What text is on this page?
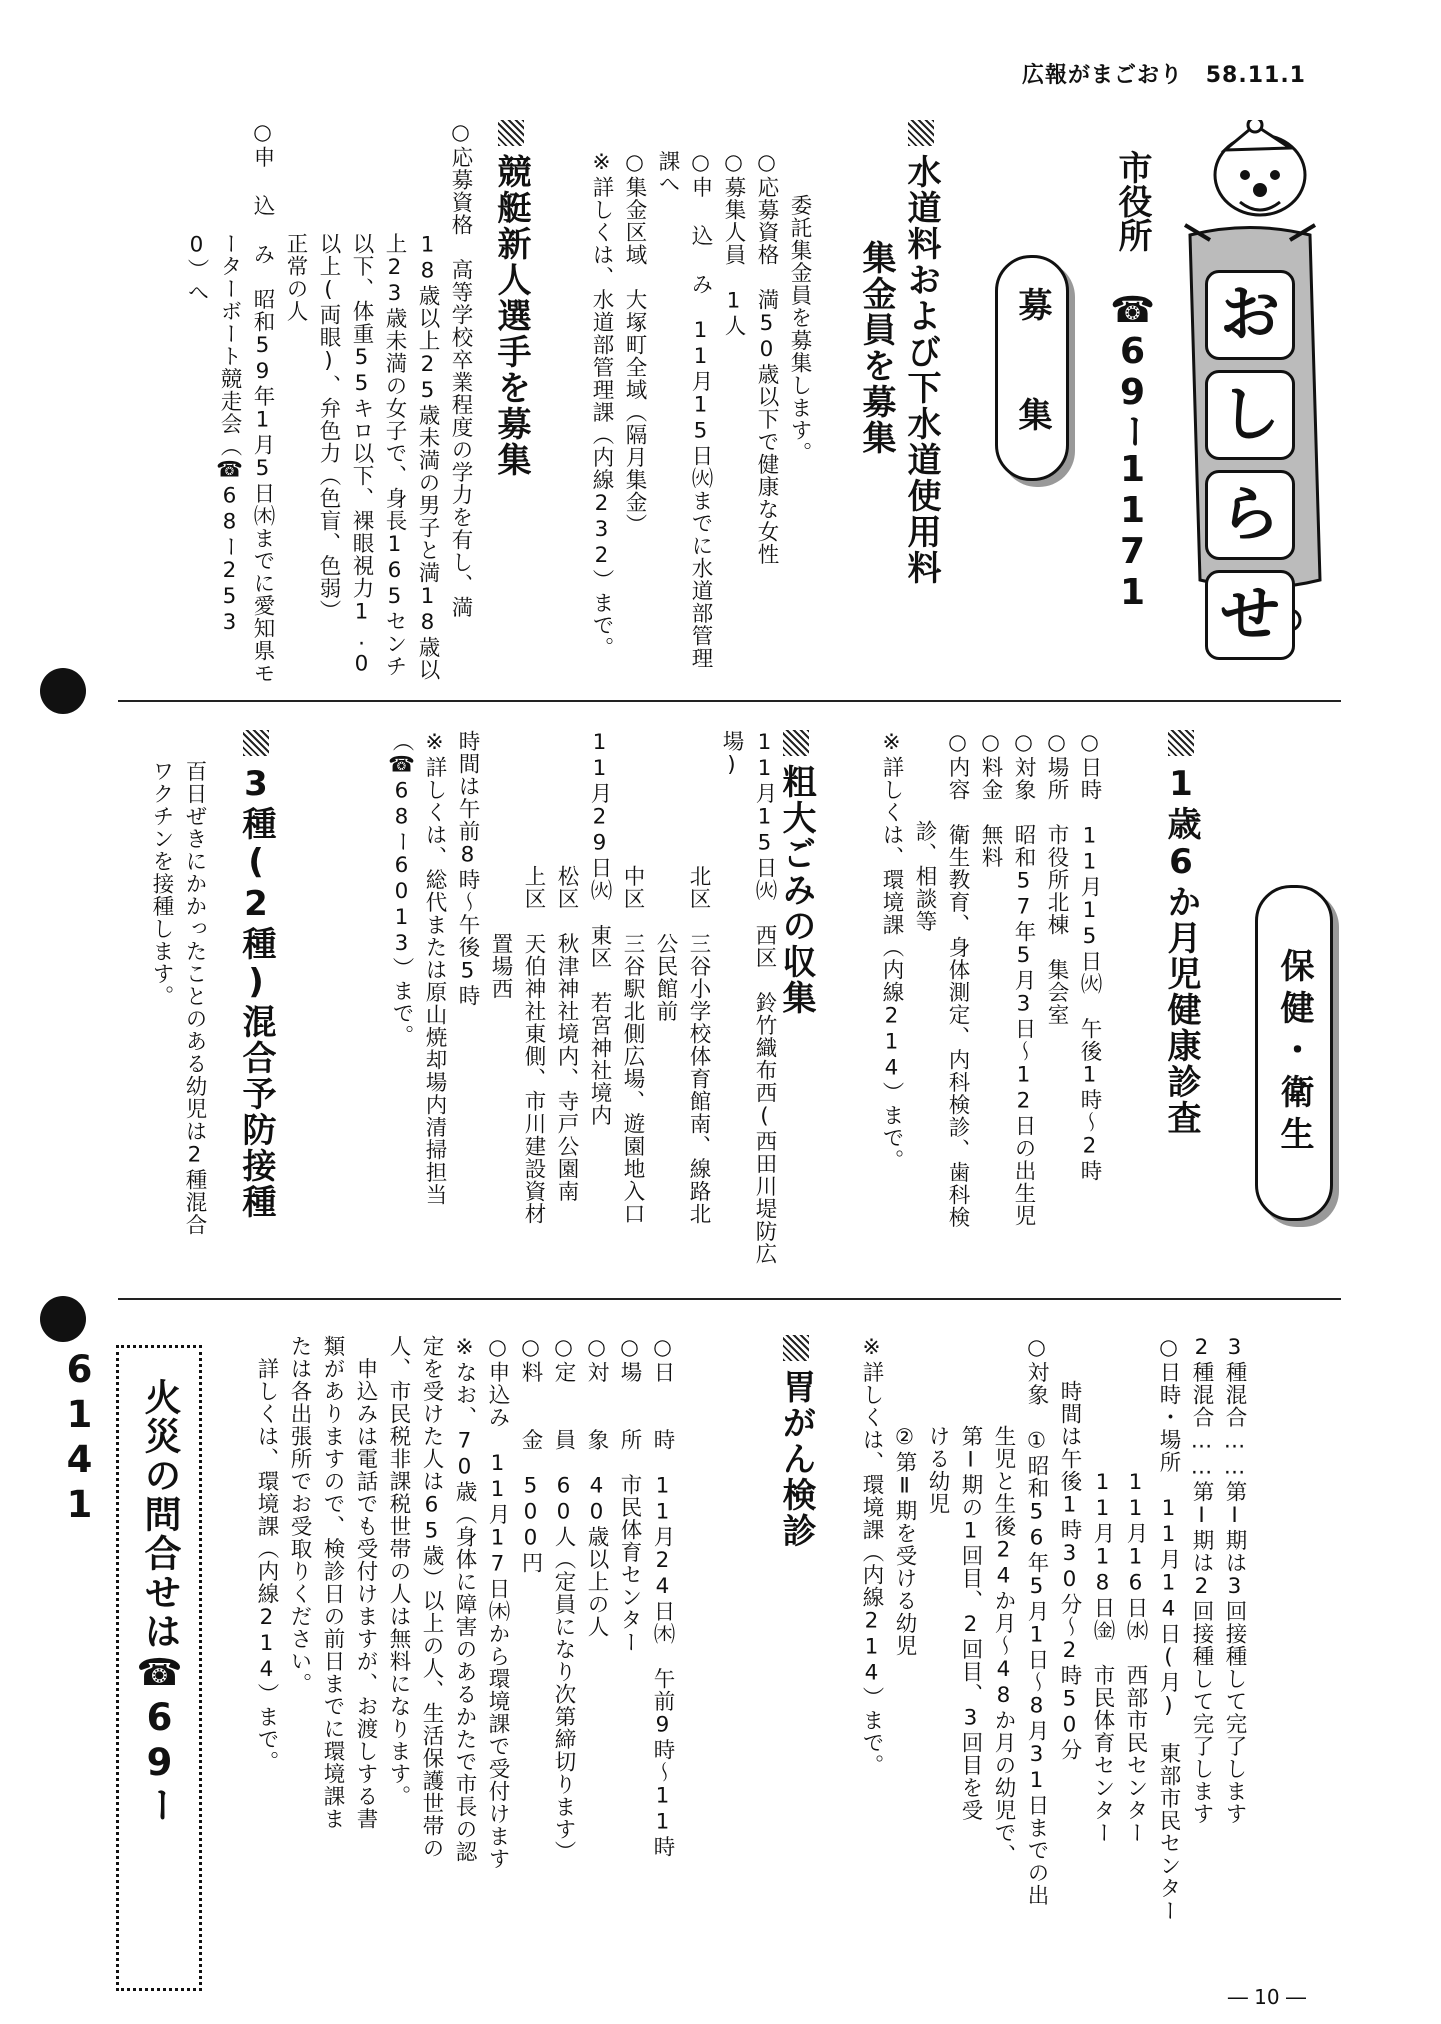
広報がまごおり 58.11.1
お
し
ら
せ
市役所
☎69ー1171
募 集
水道料および下水道使用料
集金員を募集
委託集金員を募集します。
○応募資格　満50歳以下で健康な女性
○募集人員　1人
○申 込 み　11月15日㈫までに水道部管理課へ
○集金区域　大塚町全域（隔月集金）
※詳しくは、水道部管理課（内線232）まで。
競艇新人選手を募集
○応募資格　高等学校卒業程度の学力を有し、満
　　　　　18歳以上25歳未満の男子と満18歳以
　　　　　上23歳未満の女子で、身長165センチ
　　　　　以下、体重55キロ以下、裸眼視力1.0
　　　　　以上(両眼)、弁色力（色盲、色弱）
　　　　　正常の人
○申 込 み　昭和59年1月5日㈭までに愛知県モ
　　　　　ーターボート競走会（☎68ー253
　　　　　0）へ
保健・衛生
1歳6か月児健康診査
○日時　11月15日㈫　午後1時～2時
○場所　市役所北棟　集会室
○対象　昭和57年5月3日～12日の出生児
○料金　無料
○内容　衛生教育、身体測定、内科検診、歯科検
　　　　診、相談等
※詳しくは、環境課（内線214）まで。
粗大ごみの収集
11月15日㈫　西区　鈴竹織布西(西田川堤防広場)
　　　　　　北区　三谷小学校体育館南、線路北
　　　　　　　　　公民館前
　　　　　　中区　三谷駅北側広場、遊園地入口
11月29日㈫　東区　若宮神社境内
　　　　　　松区　秋津神社境内、寺戸公園南
　　　　　　上区　天伯神社東側、市川建設資材
　　　　　　　　　置場西
時間は午前8時～午後5時
※詳しくは、総代または原山焼却場内清掃担当
（☎68ー6013）まで。
3種(2種)混合予防接種
百日ぜきにかかったことのある幼児は2種混合
ワクチンを接種します。
3種混合……第Ⅰ期は3回接種して完了します
2種混合……第Ⅰ期は2回接種して完了します
○日時・場所　11月14日(月)　東部市民センター
　　　　　　11月16日㈬　西部市民センター
　　　　　　11月18日㈮　市民体育センター
　　時間は午後1時30分～2時50分
○対象　①昭和56年5月1日～8月31日までの出
　　　　生児と生後24か月～48か月の幼児で、
　　　　第Ⅰ期の1回目、2回目、3回目を受
　　　　ける幼児
　　　　②第Ⅱ期を受ける幼児
※詳しくは、環境課（内線214）まで。
胃がん検診
○日　　時　11月24日㈭　午前9時～11時
○場　　所　市民体育センター
○対　　象　40歳以上の人
○定　　員　60人（定員になり次第締切ります）
○料　　金　500円
○申込み　11月17日㈭から環境課で受付けます
※なお、70歳（身体に障害のあるかたで市長の認
定を受けた人は65歳）以上の人、生活保護世帯の
人、市民税非課税世帯の人は無料になります。
　申込みは電話でも受付けますが、お渡しする書
類がありますので、検診日の前日までに環境課ま
たは各出張所でお受取りください。
　詳しくは、環境課（内線214）まで。
火災の問合せは☎69ー6141
― 10 ―
